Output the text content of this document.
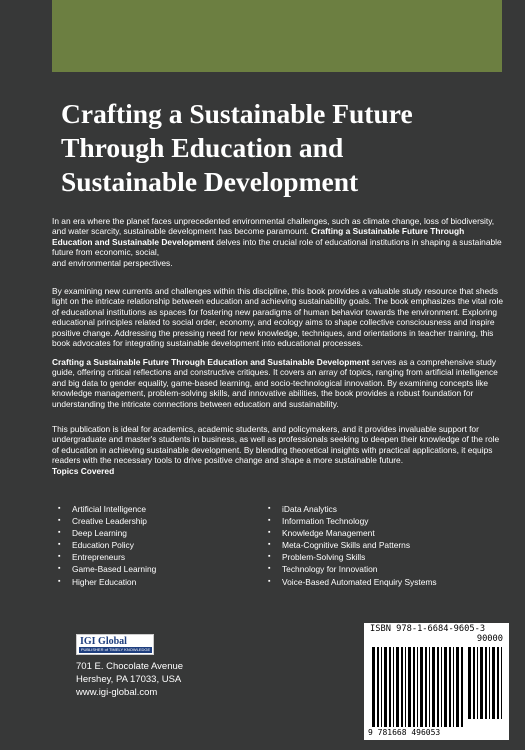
Crafting a Sustainable Future
Through Education and
Sustainable Development

In an era where the planet faces unprecedented environmental challenges, such as climate change, loss of biodiversity, and water scarcity, sustainable development has become paramount. Crafting a Sustainable Future Through Education and Sustainable Development delves into the crucial role of educational institutions in shaping a sustainable future from economic, social,
and environmental perspectives.

By examining new currents and challenges within this discipline, this book provides a valuable study resource that sheds light on the intricate relationship between education and achieving sustainability goals. The book emphasizes the vital role of educational institutions as spaces for fostering new paradigms of human behavior towards the environment. Exploring educational principles related to social order, economy, and ecology aims to shape collective consciousness and inspire positive change. Addressing the pressing need for new knowledge, techniques, and orientations in teacher training, this book advocates for integrating sustainable development into educational processes.

Crafting a Sustainable Future Through Education and Sustainable Development serves as a comprehensive study guide, offering critical reflections and constructive critiques. It covers an array of topics, ranging from artificial intelligence and big data to gender equality, game-based learning, and socio-technological innovation. By examining concepts like knowledge management, problem-solving skills, and innovative abilities, the book provides a robust foundation for understanding the intricate connections between education and sustainability.

This publication is ideal for academics, academic students, and policymakers, and it provides invaluable support for undergraduate and master's students in business, as well as professionals seeking to deepen their knowledge of the role of education in achieving sustainable development. By blending theoretical insights with practical applications, it equips readers with the necessary tools to drive positive change and shape a more sustainable future.
Topics Covered

▪ Artificial Intelligence
▪ Creative Leadership
▪ Deep Learning
▪ Education Policy
▪ Entrepreneurs
▪ Game-Based Learning
▪ Higher Education
▪ iData Analytics
▪ Information Technology
▪ Knowledge Management
▪ Meta-Cognitive Skills and Patterns
▪ Problem-Solving Skills
▪ Technology for Innovation
▪ Voice-Based Automated Enquiry Systems
IGI Global
PUBLISHER of TIMELY KNOWLEDGE
701 E. Chocolate Avenue
Hershey, PA 17033, USA
www.igi-global.com
ISBN 978-1-6684-9605-3
90000
9 781668 496053
